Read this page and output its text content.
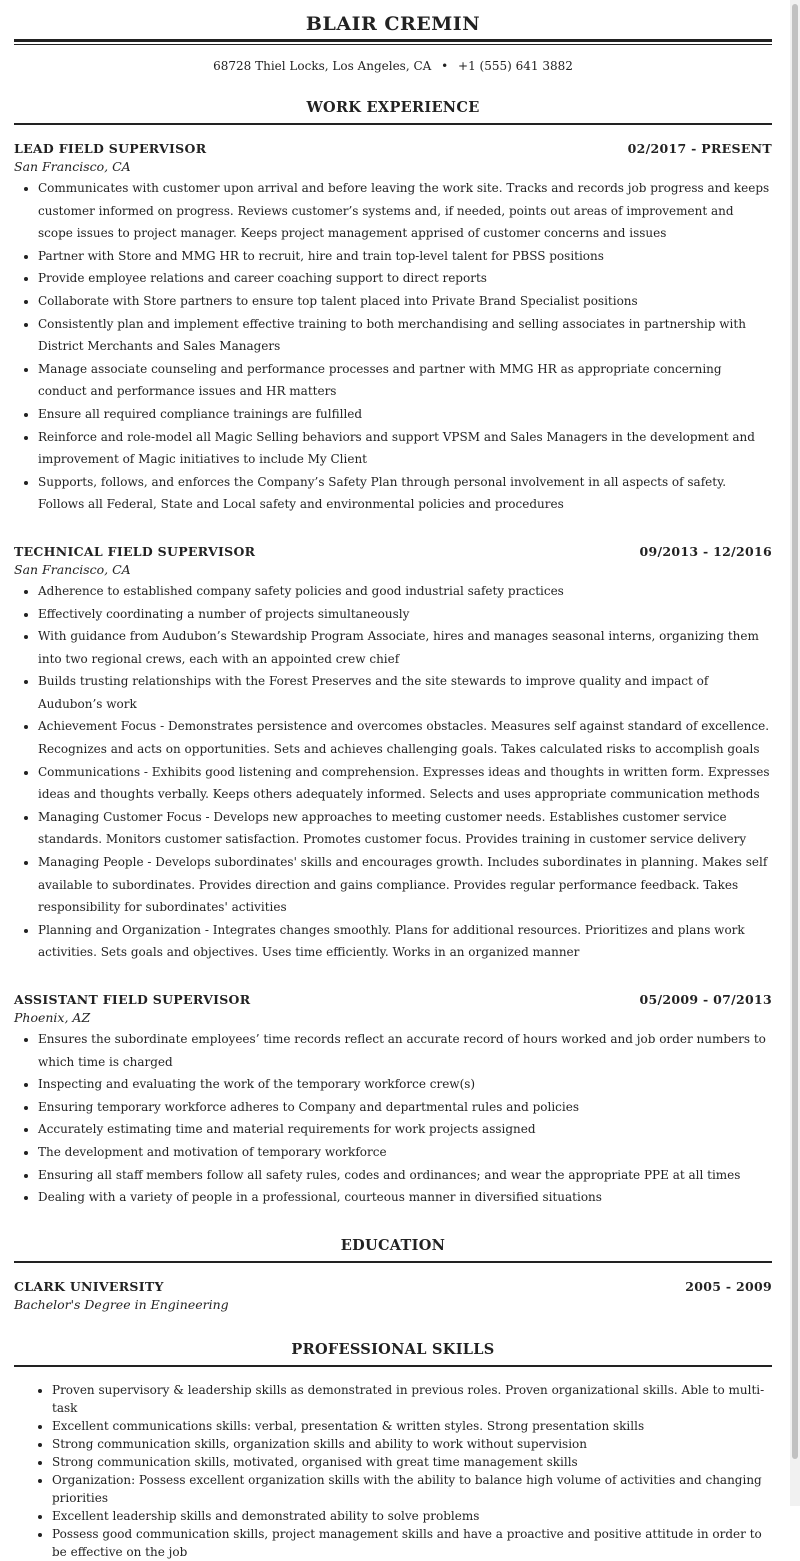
BLAIR CREMIN
68728 Thiel Locks, Los Angeles, CA • +1 (555) 641 3882
WORK EXPERIENCE
LEAD FIELD SUPERVISOR	02/2017 - PRESENT
San Francisco, CA
• Communicates with customer upon arrival and before leaving the work site. Tracks and records job progress and keeps customer informed on progress. Reviews customer’s systems and, if needed, points out areas of improvement and scope issues to project manager. Keeps project management apprised of customer concerns and issues
• Partner with Store and MMG HR to recruit, hire and train top-level talent for PBSS positions
• Provide employee relations and career coaching support to direct reports
• Collaborate with Store partners to ensure top talent placed into Private Brand Specialist positions
• Consistently plan and implement effective training to both merchandising and selling associates in partnership with District Merchants and Sales Managers
• Manage associate counseling and performance processes and partner with MMG HR as appropriate concerning conduct and performance issues and HR matters
• Ensure all required compliance trainings are fulfilled
• Reinforce and role-model all Magic Selling behaviors and support VPSM and Sales Managers in the development and improvement of Magic initiatives to include My Client
• Supports, follows, and enforces the Company’s Safety Plan through personal involvement in all aspects of safety. Follows all Federal, State and Local safety and environmental policies and procedures
TECHNICAL FIELD SUPERVISOR	09/2013 - 12/2016
San Francisco, CA
• Adherence to established company safety policies and good industrial safety practices
• Effectively coordinating a number of projects simultaneously
• With guidance from Audubon’s Stewardship Program Associate, hires and manages seasonal interns, organizing them into two regional crews, each with an appointed crew chief
• Builds trusting relationships with the Forest Preserves and the site stewards to improve quality and impact of Audubon’s work
• Achievement Focus - Demonstrates persistence and overcomes obstacles. Measures self against standard of excellence. Recognizes and acts on opportunities. Sets and achieves challenging goals. Takes calculated risks to accomplish goals
• Communications - Exhibits good listening and comprehension. Expresses ideas and thoughts in written form. Expresses ideas and thoughts verbally. Keeps others adequately informed. Selects and uses appropriate communication methods
• Managing Customer Focus - Develops new approaches to meeting customer needs. Establishes customer service standards. Monitors customer satisfaction. Promotes customer focus. Provides training in customer service delivery
• Managing People - Develops subordinates' skills and encourages growth. Includes subordinates in planning. Makes self available to subordinates. Provides direction and gains compliance. Provides regular performance feedback. Takes responsibility for subordinates' activities
• Planning and Organization - Integrates changes smoothly. Plans for additional resources. Prioritizes and plans work activities. Sets goals and objectives. Uses time efficiently. Works in an organized manner
ASSISTANT FIELD SUPERVISOR	05/2009 - 07/2013
Phoenix, AZ
• Ensures the subordinate employees’ time records reflect an accurate record of hours worked and job order numbers to which time is charged
• Inspecting and evaluating the work of the temporary workforce crew(s)
• Ensuring temporary workforce adheres to Company and departmental rules and policies
• Accurately estimating time and material requirements for work projects assigned
• The development and motivation of temporary workforce
• Ensuring all staff members follow all safety rules, codes and ordinances; and wear the appropriate PPE at all times
• Dealing with a variety of people in a professional, courteous manner in diversified situations
EDUCATION
CLARK UNIVERSITY	2005 - 2009
Bachelor's Degree in Engineering
PROFESSIONAL SKILLS
• Proven supervisory & leadership skills as demonstrated in previous roles. Proven organizational skills. Able to multi-task
• Excellent communications skills: verbal, presentation & written styles. Strong presentation skills
• Strong communication skills, organization skills and ability to work without supervision
• Strong communication skills, motivated, organised with great time management skills
• Organization: Possess excellent organization skills with the ability to balance high volume of activities and changing priorities
• Excellent leadership skills and demonstrated ability to solve problems
• Possess good communication skills, project management skills and have a proactive and positive attitude in order to be effective on the job
